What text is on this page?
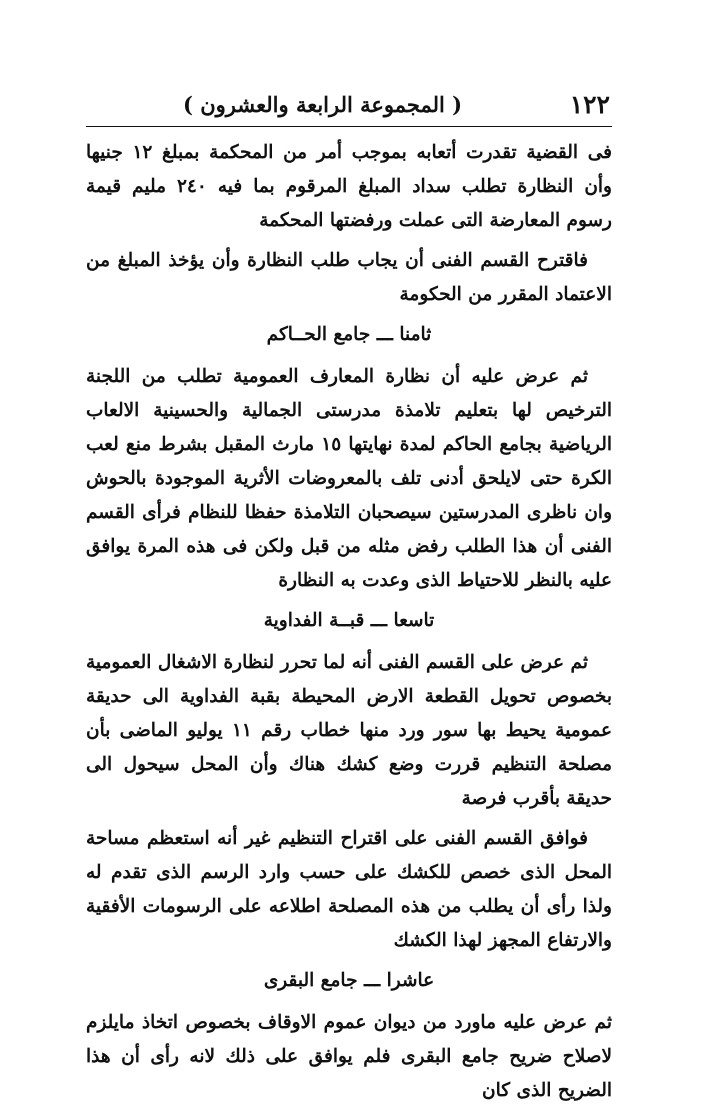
١٢٢
( المجموعة الرابعة والعشرون )

فى القضية تقدرت أتعابه بموجب أمر من المحكمة بمبلغ ١٢ جنيها وأن النظارة تطلب سداد المبلغ المرقوم بما فيه ٢٤٠ مليم قيمة رسوم المعارضة التى عملت ورفضتها المحكمة

فاقترح القسم الفنى أن يجاب طلب النظارة وأن يؤخذ المبلغ من الاعتماد المقرر من الحكومة

ثامنا ـــ جامع الحــاكم

ثم عرض عليه أن نظارة المعارف العمومية تطلب من اللجنة الترخيص لها بتعليم تلامذة مدرستى الجمالية والحسينية الالعاب الرياضية بجامع الحاكم لمدة نهايتها ١٥ مارث المقبل بشرط منع لعب الكرة حتى لايلحق أدنى تلف بالمعروضات الأثرية الموجودة بالحوش وان ناظرى المدرستين سيصحبان التلامذة حفظا للنظام فرأى القسم الفنى أن هذا الطلب رفض مثله من قبل ولكن فى هذه المرة يوافق عليه بالنظر للاحتياط الذى وعدت به النظارة

تاسعا ـــ قبــة الفداوية

ثم عرض على القسم الفنى أنه لما تحرر لنظارة الاشغال العمومية بخصوص تحويل القطعة الارض المحيطة بقبة الفداوية الى حديقة عمومية يحيط بها سور ورد منها خطاب رقم ١١ يوليو الماضى بأن مصلحة التنظيم قررت وضع كشك هناك وأن المحل سيحول الى حديقة بأقرب فرصة

فوافق القسم الفنى على اقتراح التنظيم غير أنه استعظم مساحة المحل الذى خصص للكشك على حسب وارد الرسم الذى تقدم له ولذا رأى أن يطلب من هذه المصلحة اطلاعه على الرسومات الأفقية والارتفاع المجهز لهذا الكشك

عاشرا ـــ جامع البقرى

ثم عرض عليه ماورد من ديوان عموم الاوقاف بخصوص اتخاذ مايلزم لاصلاح ضريح جامع البقرى فلم يوافق على ذلك لانه رأى أن هذا الضريح الذى كان
